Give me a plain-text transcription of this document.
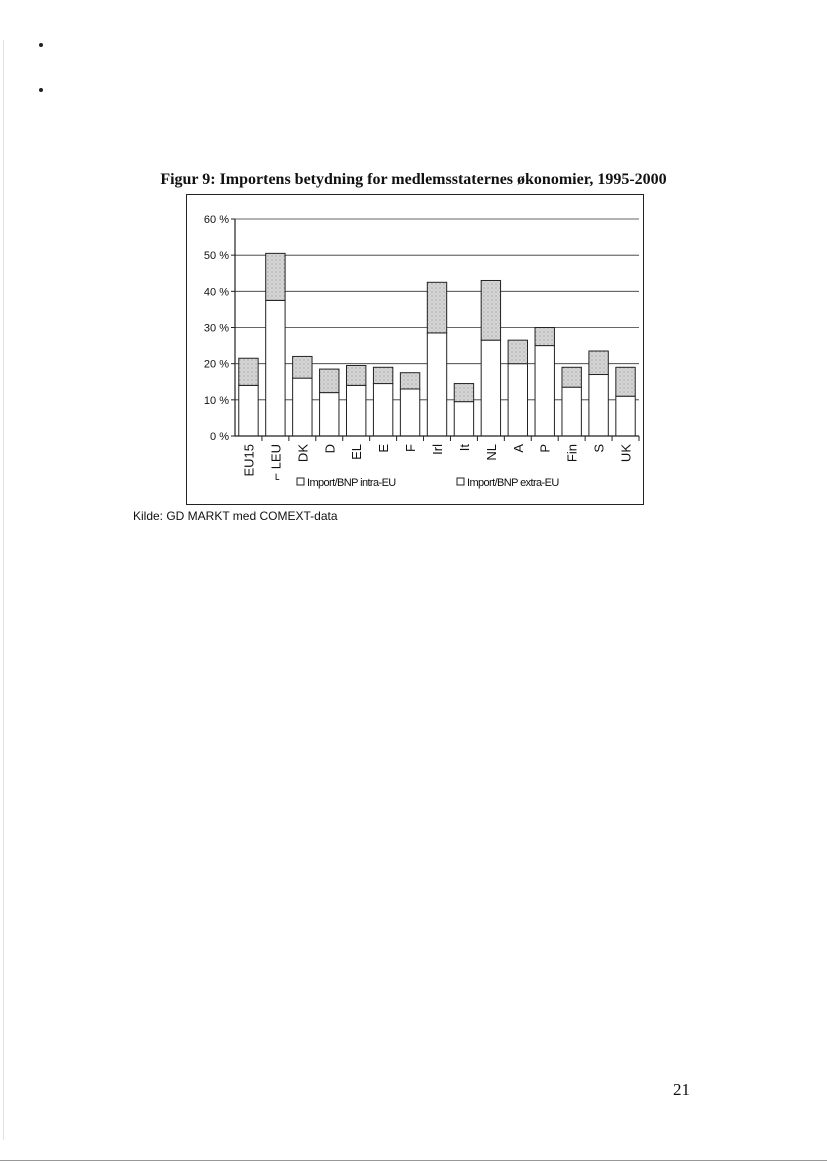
Figur 9: Importens betydning for medlemsstaternes økonomier, 1995-2000
0 %
10 %
20 %
30 %
40 %
50 %
60 %
EU15 ⌐ LEU DK D EL E F Irl It NL A P Fin S UK
Import/BNP intra-EU	Import/BNP extra-EU
Kilde: GD MARKT med COMEXT-data
21
